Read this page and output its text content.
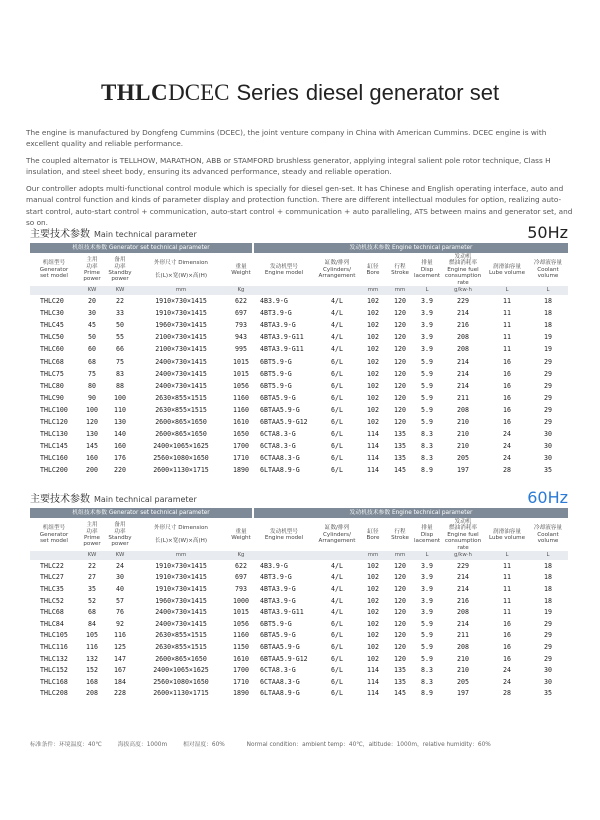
THLCDCEC Series diesel generator set
The engine is manufactured by Dongfeng Cummins (DCEC), the joint venture company in China with American Cummins. DCEC engine is with excellent quality and reliable performance.
The coupled alternator is TELLHOW, MARATHON, ABB or STAMFORD brushless generator, applying integral salient pole rotor technique, Class H insulation, and steel sheet body, ensuring its advanced performance, steady and reliable operation.
Our controller adopts multi-functional control module which is specially for diesel gen-set. It has Chinese and English operating interface, auto and manual control function and kinds of parameter display and protection function. There are different intellectual modules for option, realizing auto-start control, auto-start control + communication, auto-start control + communication + auto paralleling, ATS between mains and generator set, and so on.
主要技术参数 Main technical parameter	50Hz
机组技术参数 Generator set technical parameter	发动机技术参数 Engine technical parameter
机组型号
Generator
set model	主用
功率
Prime
power	备用
功率
Standby
power	外形尺寸 Dimension

长(L)×宽(W)×高(H)	重量
Weight	发动机型号
Engine model	缸数/排列
Cylinders/
Arrangement	缸径
Bore	行程
Stroke	排量
Disp
lacement	发动机
燃油消耗率
Engine fuel
consumption rate	润滑油容量
Lube volume	冷却液容量
Coolant volume
	KW	KW	mm	Kg			mm	mm	L	g/kw·h	L	L
THLC20	20	22	1910×730×1415	622	4B3.9-G	4/L	102	120	3.9	229	11	18
THLC30	30	33	1910×730×1415	697	4BT3.9-G	4/L	102	120	3.9	214	11	18
THLC45	45	50	1960×730×1415	793	4BTA3.9-G	4/L	102	120	3.9	216	11	18
THLC50	50	55	2100×730×1415	943	4BTA3.9-G11	4/L	102	120	3.9	208	11	19
THLC60	60	66	2100×730×1415	995	4BTA3.9-G11	4/L	102	120	3.9	208	11	19
THLC68	68	75	2400×730×1415	1015	6BT5.9-G	6/L	102	120	5.9	214	16	29
THLC75	75	83	2400×730×1415	1015	6BT5.9-G	6/L	102	120	5.9	214	16	29
THLC80	80	88	2400×730×1415	1056	6BT5.9-G	6/L	102	120	5.9	214	16	29
THLC90	90	100	2630×855×1515	1160	6BTA5.9-G	6/L	102	120	5.9	211	16	29
THLC100	100	110	2630×855×1515	1160	6BTAA5.9-G	6/L	102	120	5.9	208	16	29
THLC120	120	130	2600×865×1650	1610	6BTAA5.9-G12	6/L	102	120	5.9	210	16	29
THLC130	130	140	2600×865×1650	1650	6CTA8.3-G	6/L	114	135	8.3	210	24	30
THLC145	145	160	2400×1065×1625	1700	6CTA8.3-G	6/L	114	135	8.3	210	24	30
THLC160	160	176	2560×1080×1650	1710	6CTAA8.3-G	6/L	114	135	8.3	205	24	30
THLC200	200	220	2600×1130×1715	1890	6LTAA8.9-G	6/L	114	145	8.9	197	28	35
主要技术参数 Main technical parameter	60Hz
机组技术参数 Generator set technical parameter	发动机技术参数 Engine technical parameter
机组型号
Generator
set model	主用
功率
Prime
power	备用
功率
Standby
power	外形尺寸 Dimension

长(L)×宽(W)×高(H)	重量
Weight	发动机型号
Engine model	缸数/排列
Cylinders/
Arrangement	缸径
Bore	行程
Stroke	排量
Disp
lacement	发动机
燃油消耗率
Engine fuel
consumption rate	润滑油容量
Lube volume	冷却液容量
Coolant volume
	KW	KW	mm	Kg			mm	mm	L	g/kw·h	L	L
THLC22	22	24	1910×730×1415	622	4B3.9-G	4/L	102	120	3.9	229	11	18
THLC27	27	30	1910×730×1415	697	4BT3.9-G	4/L	102	120	3.9	214	11	18
THLC35	35	40	1910×730×1415	793	4BTA3.9-G	4/L	102	120	3.9	214	11	18
THLC52	52	57	1960×730×1415	1000	4BTA3.9-G	4/L	102	120	3.9	216	11	18
THLC68	68	76	2400×730×1415	1015	4BTA3.9-G11	4/L	102	120	3.9	208	11	19
THLC84	84	92	2400×730×1415	1056	6BT5.9-G	6/L	102	120	5.9	214	16	29
THLC105	105	116	2630×855×1515	1160	6BTA5.9-G	6/L	102	120	5.9	211	16	29
THLC116	116	125	2630×855×1515	1150	6BTAA5.9-G	6/L	102	120	5.9	208	16	29
THLC132	132	147	2600×865×1650	1610	6BTAA5.9-G12	6/L	102	120	5.9	210	16	29
THLC152	152	167	2400×1065×1625	1700	6CTA8.3-G	6/L	114	135	8.3	210	24	30
THLC168	168	184	2560×1080×1650	1710	6CTAA8.3-G	6/L	114	135	8.3	205	24	30
THLC208	208	228	2600×1130×1715	1890	6LTAA8.9-G	6/L	114	145	8.9	197	28	35
标准条件：环境温度：40℃	海拔高度：1000m	相对湿度：60%	Normal condition：ambient temp：40℃，altitude：1000m，relative humidity：60%
